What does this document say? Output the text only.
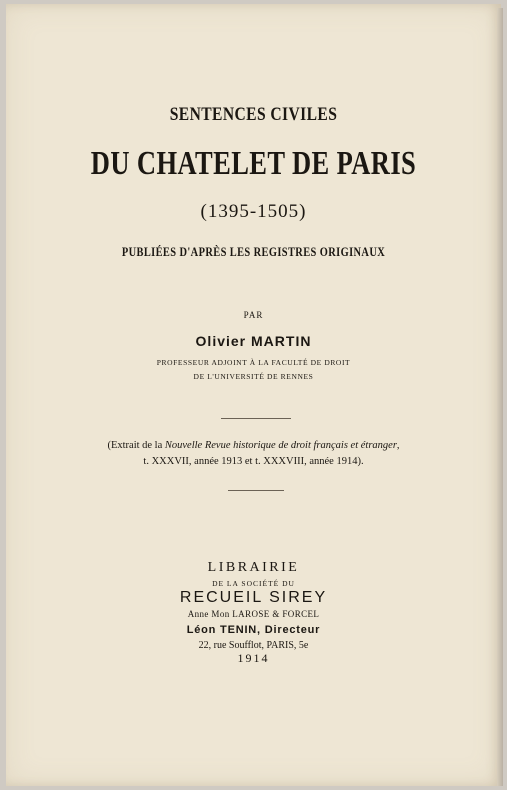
SENTENCES CIVILES
DU CHATELET DE PARIS
(1395-1505)
PUBLIÉES D'APRÈS LES REGISTRES ORIGINAUX
PAR
Olivier MARTIN
PROFESSEUR ADJOINT À LA FACULTÉ DE DROIT
DE L'UNIVERSITÉ DE RENNES
(Extrait de la Nouvelle Revue historique de droit français et étranger,
t. XXXVII, année 1913 et t. XXXVIII, année 1914).
LIBRAIRIE
DE LA SOCIÉTÉ DU
RECUEIL SIREY
Anne Mon LAROSE & FORCEL
Léon TENIN, Directeur
22, rue Soufflot, PARIS, 5e
1914
